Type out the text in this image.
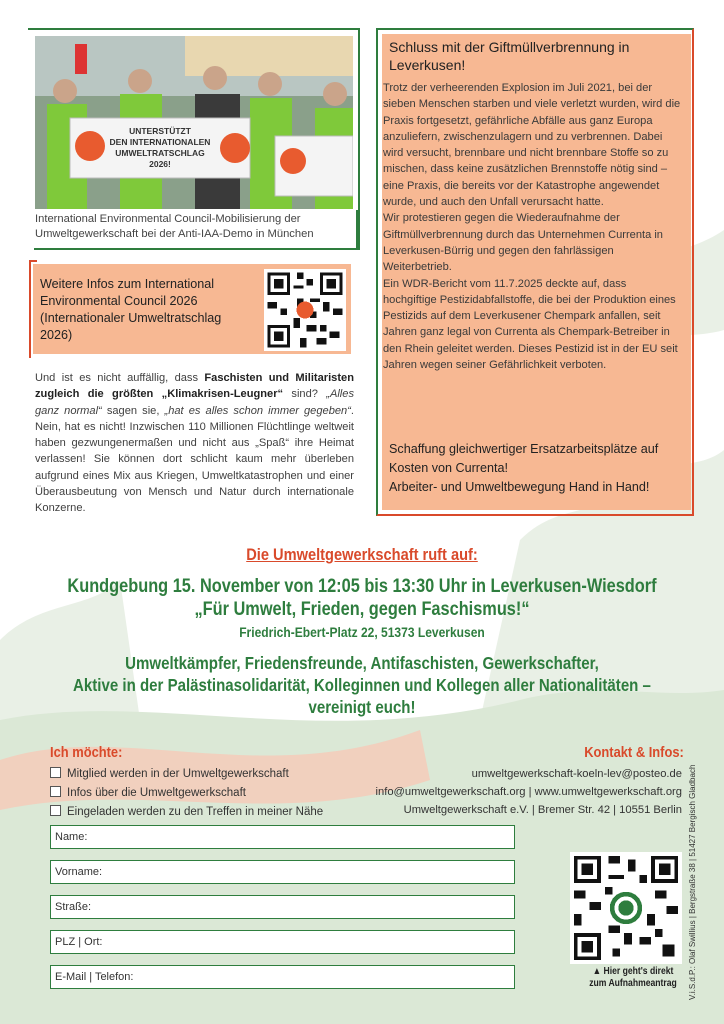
UNTERSTÜTZT
DEN INTERNATIONALEN
UMWELTRATSCHLAG
2026!
International Environmental Council-Mobilisierung der Umweltgewerkschaft bei der Anti-IAA-Demo in München
Weitere Infos zum International Environmental Council 2026 (Internationaler Umweltratschlag 2026)
Und ist es nicht auffällig, dass Faschisten und Militaristen zugleich die größten „Klimakrisen-Leugner“ sind? „Alles ganz normal“ sagen sie, „hat es alles schon immer gegeben“. Nein, hat es nicht! Inzwischen 110 Millionen Flüchtlinge weltweit haben gezwungenermaßen und nicht aus „Spaß“ ihre Heimat verlassen! Sie können dort schlicht kaum mehr überleben aufgrund eines Mix aus Kriegen, Umweltkatastrophen und einer Überausbeutung von Mensch und Natur durch internationale Konzerne.
Schluss mit der Giftmüllverbrennung in Leverkusen!
Trotz der verheerenden Explosion im Juli 2021, bei der sieben Menschen starben und viele verletzt wurden, wird die Praxis fortgesetzt, gefährliche Abfälle aus ganz Europa anzuliefern, zwischenzulagern und zu verbrennen. Dabei wird versucht, brennbare und nicht brennbare Stoffe so zu mischen, dass keine zusätzlichen Brennstoffe nötig sind – eine Praxis, die bereits vor der Katastrophe angewendet wurde, und auch den Unfall verursacht hatte.
Wir protestieren gegen die Wiederaufnahme der Giftmüllverbrennung durch das Unternehmen Currenta in Leverkusen-Bürrig und gegen den fahrlässigen Weiterbetrieb.
Ein WDR-Bericht vom 11.7.2025 deckte auf, dass hochgiftige Pestizidabfallstoffe, die bei der Produktion eines Pestizids auf dem Leverkusener Chempark anfallen, seit Jahren ganz legal von Currenta als Chempark-Betreiber in den Rhein geleitet werden. Dieses Pestizid ist in der EU seit Jahren wegen seiner Gefährlichkeit verboten.
Schaffung gleichwertiger Ersatzarbeitsplätze auf Kosten von Currenta!
Arbeiter- und Umweltbewegung Hand in Hand!
Die Umweltgewerkschaft ruft auf:
Kundgebung 15. November von 12:05 bis 13:30 Uhr in Leverkusen-Wiesdorf
„Für Umwelt, Frieden, gegen Faschismus!“
Friedrich-Ebert-Platz 22, 51373 Leverkusen
Umweltkämpfer, Friedensfreunde, Antifaschisten, Gewerkschafter,
Aktive in der Palästinasolidarität, Kolleginnen und Kollegen aller Nationalitäten –
vereinigt euch!
Ich möchte:
Mitglied werden in der Umweltgewerkschaft
Infos über die Umweltgewerkschaft
Eingeladen werden zu den Treffen in meiner Nähe
Name:
Vorname:
Straße:
PLZ | Ort:
E-Mail | Telefon:
Kontakt & Infos:
umweltgewerkschaft-koeln-lev@posteo.de
info@umweltgewerkschaft.org | www.umweltgewerkschaft.org
Umweltgewerkschaft e.V. | Bremer Str. 42 | 10551 Berlin
▲ Hier geht's direkt zum Aufnahmeantrag	V.i.S.d.P.: Olaf Swillius | Bergstraße 38 | 51427 Bergisch Gladbach
